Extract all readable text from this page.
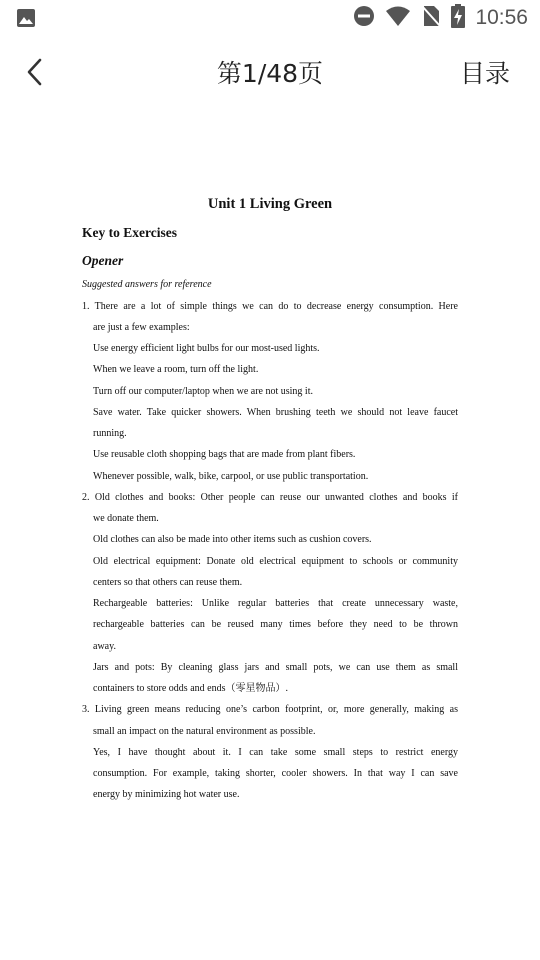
10:56
第1/48页	目录
Unit 1 Living Green
Key to Exercises
Opener
Suggested answers for reference
1. There are a lot of simple things we can do to decrease energy consumption. Here
are just a few examples:
Use energy efficient light bulbs for our most-used lights.
When we leave a room, turn off the light.
Turn off our computer/laptop when we are not using it.
Save water. Take quicker showers. When brushing teeth we should not leave faucet
running.
Use reusable cloth shopping bags that are made from plant fibers.
Whenever possible, walk, bike, carpool, or use public transportation.
2. Old clothes and books: Other people can reuse our unwanted clothes and books if
we donate them.
Old clothes can also be made into other items such as cushion covers.
Old electrical equipment: Donate old electrical equipment to schools or community
centers so that others can reuse them.
Rechargeable batteries: Unlike regular batteries that create unnecessary waste,
rechargeable batteries can be reused many times before they need to be thrown
away.
Jars and pots: By cleaning glass jars and small pots, we can use them as small
containers to store odds and ends（零星物品）.
3. Living green means reducing one’s carbon footprint, or, more generally, making as
small an impact on the natural environment as possible.
Yes, I have thought about it. I can take some small steps to restrict energy
consumption. For example, taking shorter, cooler showers. In that way I can save
energy by minimizing hot water use.
